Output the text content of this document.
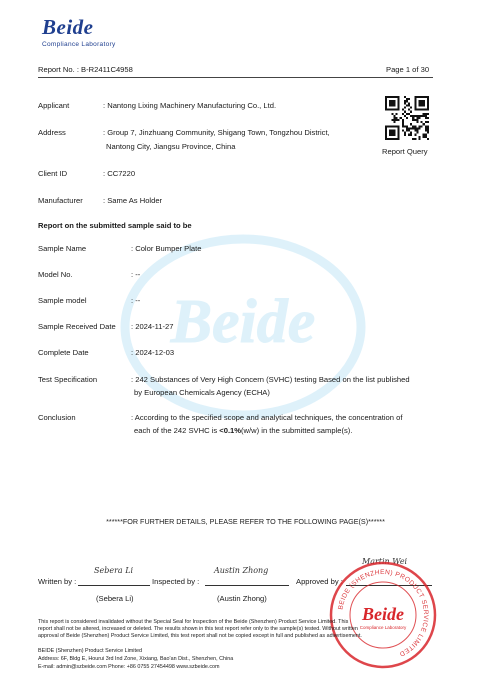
Beide
Compliance Laboratory
Report No. : B-R2411C4958	Page 1 of 30
Beide
Report Query
Applicant	: Nantong Lixing Machinery Manufacturing Co., Ltd.
Address	: Group 7, Jinzhuang Community, Shigang Town, Tongzhou District,
Nantong City, Jiangsu Province, China
Client ID	: CC7220
Manufacturer	: Same As Holder
Report on the submitted sample said to be
Sample Name	: Color Bumper Plate
Model No.	: --
Sample model	: --
Sample Received Date : 2024-11-27
Complete Date	: 2024-12-03
Test Specification	: 242 Substances of Very High Concern (SVHC) testing Based on the list published
by European Chemicals Agency (ECHA)
Conclusion	: According to the specified scope and analytical techniques, the concentration of
each of the 242 SVHC is <0.1%(w/w) in the submitted sample(s).
******FOR FURTHER DETAILS, PLEASE REFER TO THE FOLLOWING PAGE(S)******
Written by :
Sebera Li
(Sebera Li)
Inspected by :
Austin Zhong
(Austin Zhong)
Approved by :
Martin Wei
BEIDE (SHENZHEN) PRODUCT SERVICE LIMITED
Beide
Compliance Laboratory
This report is considered invalidated without the Special Seal for Inspection of the Beide (Shenzhen) Product Service Limited. This
report shall not be altered, increased or deleted. The results shown in this test report refer only to the sample(s) tested. Without written
approval of Beide (Shenzhen) Product Service Limited, this test report shall not be copied except in full and published as advertisement.
BEIDE (Shenzhen) Product Service Limited
Address: 6F, Bldg E, Hourui 3rd Ind Zone, Xixiang, Bao'an Dist., Shenzhen, China
E-mail: admin@szbeide.com Phone: +86 0755 27454498 www.szbeide.com
